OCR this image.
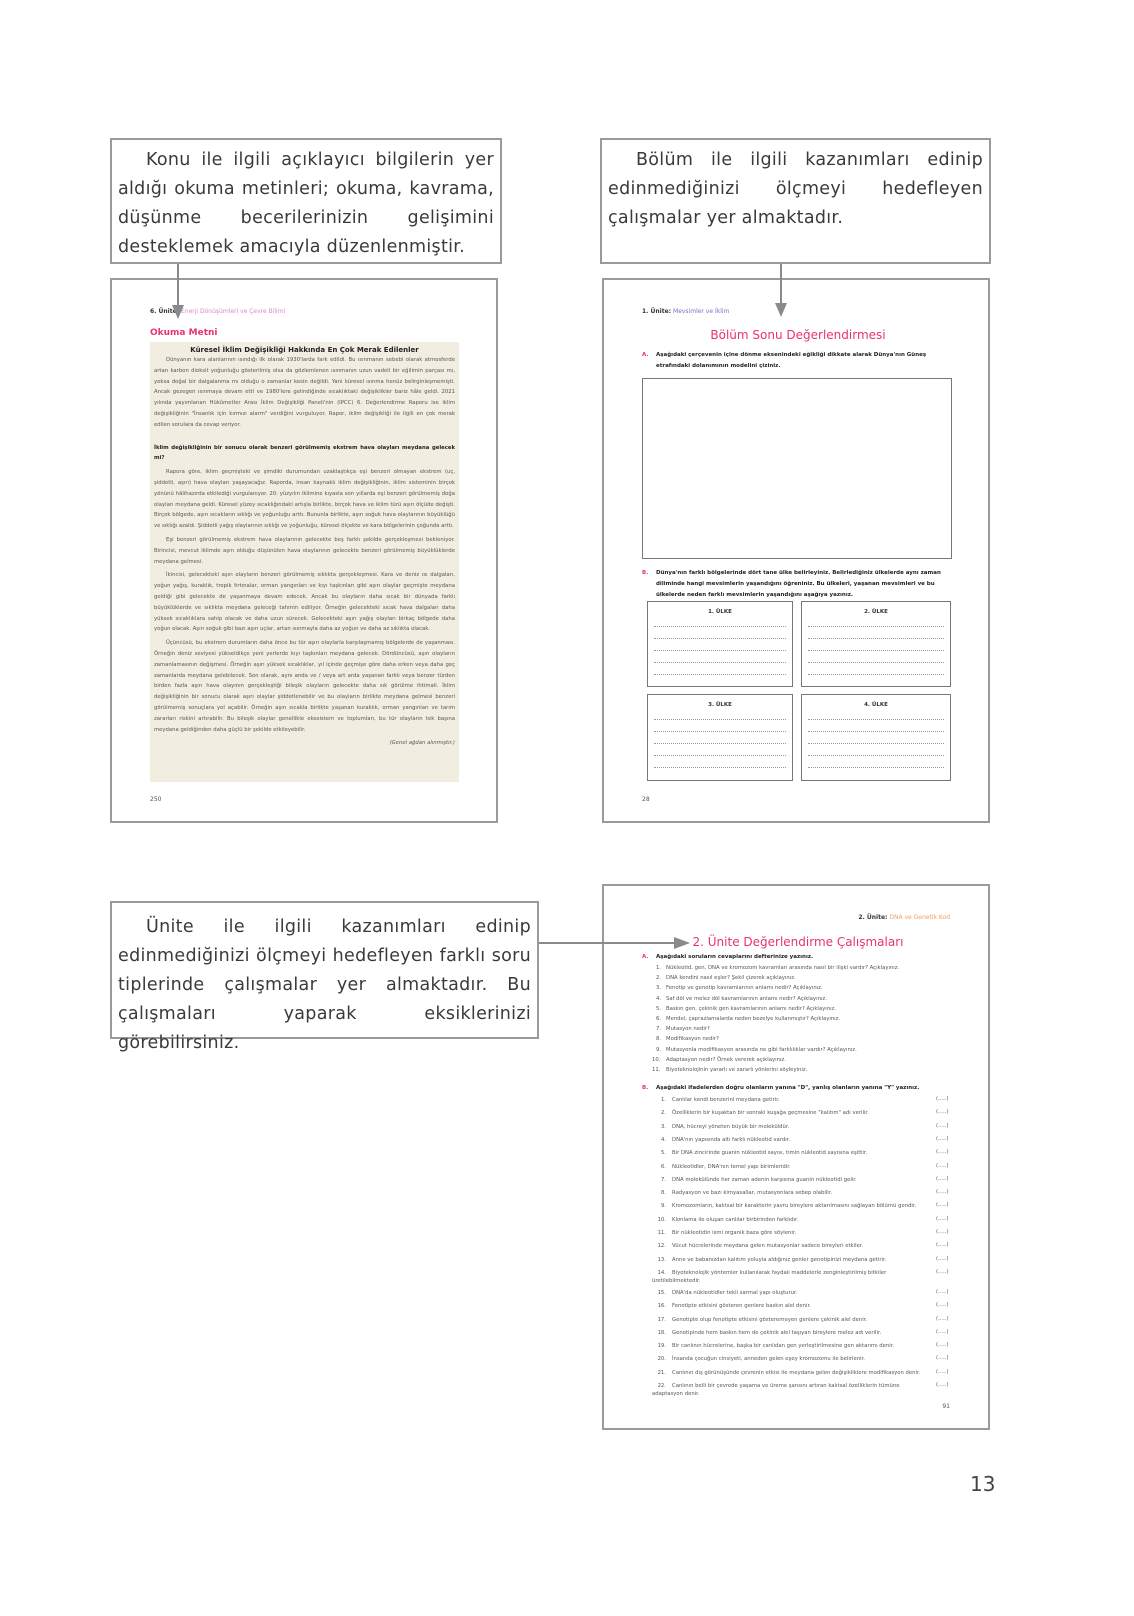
Konu ile ilgili açıklayıcı bilgilerin yer aldığı okuma metinleri; okuma, kavrama, düşünme becerilerinizin gelişimini desteklemek amacıyla düzenlenmiştir.
Bölüm ile ilgili kazanımları edinip edinmediğinizi ölçmeyi hedefleyen çalışmalar yer almaktadır.
Ünite ile ilgili kazanımları edinip edinmediğinizi ölçmeyi hedefleyen farklı soru tiplerinde çalışmalar yer almaktadır. Bu çalışmaları yaparak eksiklerinizi görebilirsiniz.
6. Ünite: Enerji Dönüşümleri ve Çevre Bilimi
Okuma Metni
Küresel İklim Değişikliği Hakkında En Çok Merak Edilenler

Dünyanın kara alanlarının ısındığı ilk olarak 1930'larda fark edildi. Bu ısınmanın sebebi olarak atmosferde artan karbon dioksit yoğunluğu gösterilmiş olsa da gözlemlenen ısınmanın uzun vadeli bir eğilimin parçası mı, yoksa doğal bir dalgalanma mı olduğu o zamanlar kesin değildi. Yani küresel ısınma henüz belirginleşmemişti. Ancak gezegen ısınmaya devam etti ve 1980'lere gelindiğinde sıcaklıktaki değişiklikler bariz hâle geldi. 2021 yılında yayımlanan Hükûmetler Arası İklim Değişikliği Paneli'nin (IPCC) 6. Değerlendirme Raporu ise iklim değişikliğinin "İnsanlık için kırmızı alarm" verdiğini vurguluyor. Rapor, iklim değişikliği ile ilgili en çok merak edilen sorulara da cevap veriyor.

İklim değişikliğinin bir sonucu olarak benzeri görülmemiş ekstrem hava olayları meydana gelecek mi?

Rapora göre, iklim geçmişteki ve şimdiki durumundan uzaklaştıkça eşi benzeri olmayan ekstrem (uç, şiddetli, aşırı) hava olayları yaşayacağız. Raporda, insan kaynaklı iklim değişikliğinin, iklim sisteminin birçok yönünü hâlihazırda etkilediği vurgulanıyor. 20. yüzyılın iklimine kıyasla son yıllarda eşi benzeri görülmemiş doğa olayları meydana geldi. Küresel yüzey sıcaklığındaki artışla birlikte, birçok hava ve iklim türü aşırı ölçüde değişti. Birçok bölgede, aşırı sıcakların sıklığı ve yoğunluğu arttı. Bununla birlikte, aşırı soğuk hava olaylarının büyüklüğü ve sıklığı azaldı. Şiddetli yağış olaylarının sıklığı ve yoğunluğu, küresel ölçekte ve kara bölgelerinin çoğunda arttı.

Eşi benzeri görülmemiş ekstrem hava olaylarının gelecekte beş farklı şekilde gerçekleşmesi bekleniyor. Birincisi, mevcut iklimde aşırı olduğu düşünülen hava olaylarının gelecekte benzeri görülmemiş büyüklüklerde meydana gelmesi.

İkincisi, gelecekteki aşırı olayların benzeri görülmemiş sıklıkta gerçekleşmesi. Kara ve deniz ısı dalgaları, yoğun yağış, kuraklık, tropik fırtınalar, orman yangınları ve kıyı taşkınları gibi aşırı olaylar geçmişte meydana geldiği gibi gelecekte de yaşanmaya devam edecek. Ancak bu olayların daha sıcak bir dünyada farklı büyüklüklerde ve sıklıkta meydana geleceği tahmin ediliyor. Örneğin gelecekteki sıcak hava dalgaları daha yüksek sıcaklıklara sahip olacak ve daha uzun sürecek. Gelecekteki aşırı yağış olayları birkaç bölgede daha yoğun olacak. Aşırı soğuk gibi bazı aşırı uçlar, artan ısınmayla daha az yoğun ve daha az sıklıkta olacak.

Üçüncüsü, bu ekstrem durumların daha önce bu tür aşırı olaylarla karşılaşmamış bölgelerde de yaşanması. Örneğin deniz seviyesi yükseldikçe yeni yerlerde kıyı taşkınları meydana gelecek. Dördüncüsü, aşırı olayların zamanlamasının değişmesi. Örneğin aşırı yüksek sıcaklıklar, yıl içinde geçmişe göre daha erken veya daha geç zamanlarda meydana gelebilecek. Son olarak, aynı anda ve / veya art arda yaşanan farklı veya benzer türden birden fazla aşırı hava olayının gerçekleştiği bileşik olayların gelecekte daha sık görülme ihtimali. İklim değişikliğinin bir sonucu olarak aşırı olaylar şiddetlenebilir ve bu olayların birlikte meydana gelmesi benzeri görülmemiş sonuçlara yol açabilir. Örneğin aşırı sıcakla birlikte yaşanan kuraklık, orman yangınları ve tarım zararları riskini artırabilir. Bu bileşik olaylar genellikle ekosistem ve toplumları, bu tür olayların tek başına meydana geldiğinden daha güçlü bir şekilde etkileyebilir.

(Genel ağdan alınmıştır.)

250
1. Ünite: Mevsimler ve İklim
Bölüm Sonu Değerlendirmesi
A. Aşağıdaki çerçevenin içine dönme eksenindeki eğikliği dikkate alarak Dünya'nın Güneş etrafındaki dolanımının modelini çiziniz.
B. Dünya'nın farklı bölgelerinde dört tane ülke belirleyiniz. Belirlediğiniz ülkelerde aynı zaman diliminde hangi mevsimlerin yaşandığını öğreniniz. Bu ülkeleri, yaşanan mevsimleri ve bu ülkelerde neden farklı mevsimlerin yaşandığını aşağıya yazınız.
1. ÜLKE	2. ÜLKE
3. ÜLKE	4. ÜLKE
28
2. Ünite: DNA ve Genetik Kod
2. Ünite Değerlendirme Çalışmaları
A. Aşağıdaki soruların cevaplarını defterinize yazınız.
1. Nükleotid, gen, DNA ve kromozom kavramları arasında nasıl bir ilişki vardır? Açıklayınız.
2. DNA kendini nasıl eşler? Şekil çizerek açıklayınız.
3. Fenotip ve genotip kavramlarının anlamı nedir? Açıklayınız.
4. Saf döl ve melez döl kavramlarının anlamı nedir? Açıklayınız.
5. Baskın gen, çekinik gen kavramlarının anlamı nedir? Açıklayınız.
6. Mendel, çaprazlamalarda neden bezelye kullanmıştır? Açıklayınız.
7. Mutasyon nedir?
8. Modifikasyon nedir?
9. Mutasyonla modifikasyon arasında ne gibi farklılıklar vardır? Açıklayınız.
10. Adaptasyon nedir? Örnek vererek açıklayınız.
11. Biyoteknolojinin yararlı ve zararlı yönlerini söyleyiniz.
B. Aşağıdaki ifadelerden doğru olanların yanına "D", yanlış olanların yanına "Y" yazınız.
1. Canlılar kendi benzerini meydana getirir.	(.....)
2. Özelliklerin bir kuşaktan bir sonraki kuşağa geçmesine "kalıtım" adı verilir.	(.....)
3. DNA, hücreyi yöneten büyük bir moleküldür.	(.....)
4. DNA'nın yapısında altı farklı nükleotid vardır.	(.....)
5. Bir DNA zincirinde guanin nükleotid sayısı, timin nükleotid sayısına eşittir.	(.....)
6. Nükleotidler, DNA'nın temel yapı birimleridir.	(.....)
7. DNA molekülünde her zaman adenin karşısına guanin nükleotidi gelir.	(.....)
8. Radyasyon ve bazı kimyasallar, mutasyonlara sebep olabilir.	(.....)
9. Kromozomların, kalıtsal bir karakterin yavru bireylere aktarılmasını sağlayan bölümü gendir.	(.....)
10. Klonlama ile oluşan canlılar birbirinden farklıdır.	(.....)
11. Bir nükleotidin ismi organik baza göre söylenir.	(.....)
12. Vücut hücrelerinde meydana gelen mutasyonlar sadece bireyleri etkiler.	(.....)
13. Anne ve babanızdan kalıtım yoluyla aldığınız genler genotipinizi meydana getirir.	(.....)
14. Biyoteknolojik yöntemler kullanılarak faydalı maddelerle zenginleştirilmiş bitkiler üretilebilmektedir.
(.....)
15. DNA'da nükleotidler tekli sarmal yapı oluşturur.	(.....)
16. Fenotipte etkisini gösteren genlere baskın alel denir.	(.....)
17. Genotipte olup fenotipte etkisini gösteremeyen genlere çekinik alel denir.	(.....)
18. Genotipinde hem baskın hem de çekinik alel taşıyan bireylere melez adı verilir.	(.....)
19. Bir canlının hücrelerine, başka bir canlıdan gen yerleştirilmesine gen aktarımı denir.	(.....)
20. İnsanda çocuğun cinsiyeti, anneden gelen eşey kromozomu ile belirlenir.	(.....)
21. Canlının dış görünüşünde çevrenin etkisi ile meydana gelen değişikliklere modifikasyon denir.	(.....)
22. Canlının belli bir çevrede yaşama ve üreme şansını artıran kalıtsal özelliklerin tümüne adaptasyon denir.
(.....)
91
13
